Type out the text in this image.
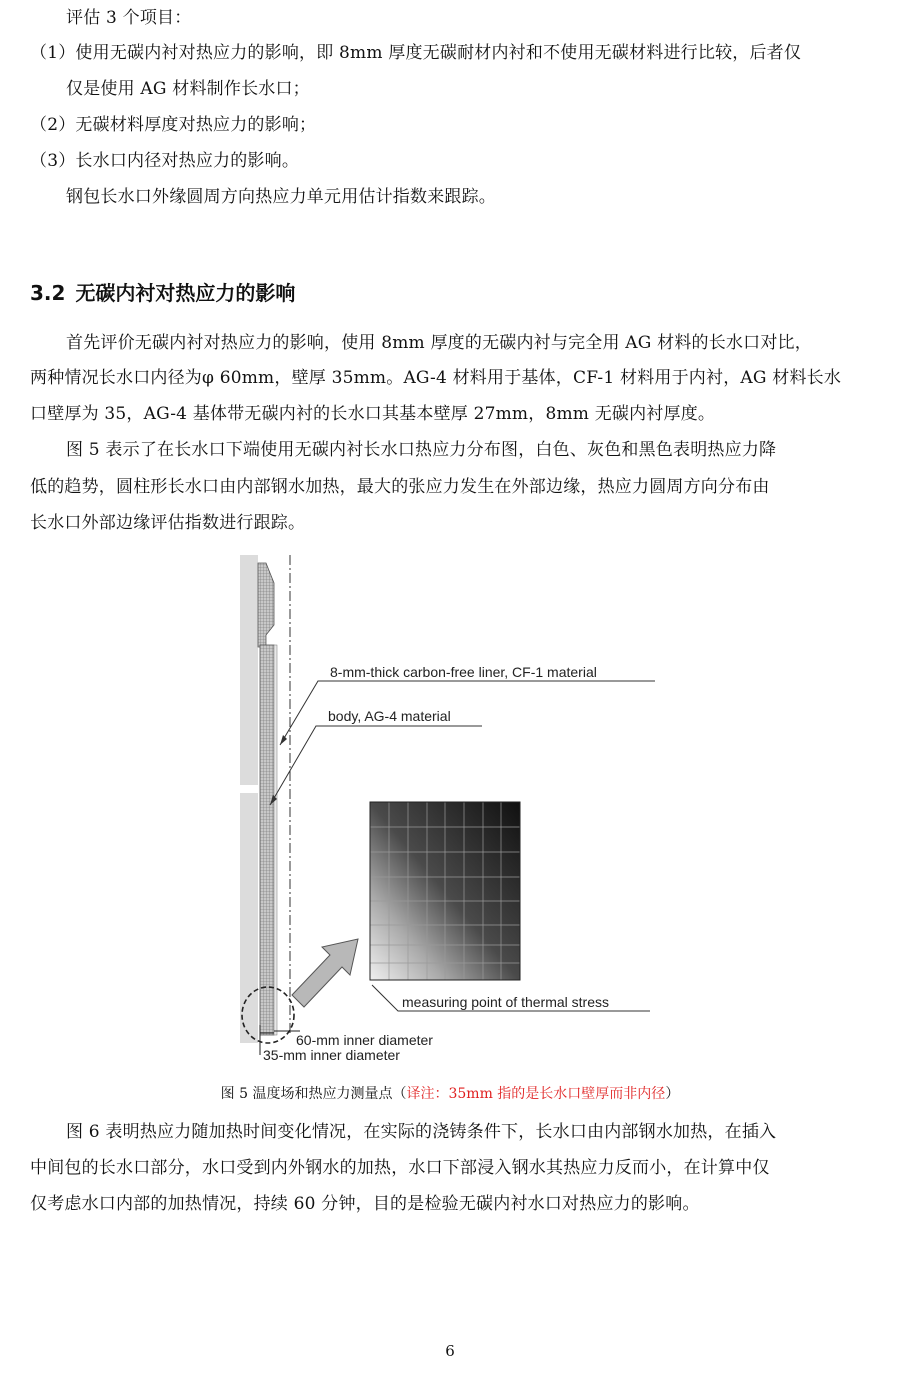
评估 3 个项目：
（1）使用无碳内衬对热应力的影响，即 8mm 厚度无碳耐材内衬和不使用无碳材料进行比较，后者仅
仅是使用 AG 材料制作长水口；
（2）无碳材料厚度对热应力的影响；
（3）长水口内径对热应力的影响。
钢包长水口外缘圆周方向热应力单元用估计指数来跟踪。
3.2 无碳内衬对热应力的影响
首先评价无碳内衬对热应力的影响，使用 8mm 厚度的无碳内衬与完全用 AG 材料的长水口对比，
两种情况长水口内径为φ 60mm，壁厚 35mm。AG-4 材料用于基体，CF-1 材料用于内衬，AG 材料长水
口壁厚为 35，AG-4 基体带无碳内衬的长水口其基本壁厚 27mm，8mm 无碳内衬厚度。
图 5 表示了在长水口下端使用无碳内衬长水口热应力分布图，白色、灰色和黑色表明热应力降
低的趋势，圆柱形长水口由内部钢水加热，最大的张应力发生在外部边缘，热应力圆周方向分布由
长水口外部边缘评估指数进行跟踪。
8-mm-thick carbon-free liner, CF-1 material
body, AG-4 material
measuring point of thermal stress
60-mm inner diameter
35-mm inner diameter
图 5 温度场和热应力测量点（译注：35mm 指的是长水口壁厚而非内径）
图 6 表明热应力随加热时间变化情况，在实际的浇铸条件下，长水口由内部钢水加热，在插入
中间包的长水口部分，水口受到内外钢水的加热，水口下部浸入钢水其热应力反而小，在计算中仅
仅考虑水口内部的加热情况，持续 60 分钟，目的是检验无碳内衬水口对热应力的影响。
6
